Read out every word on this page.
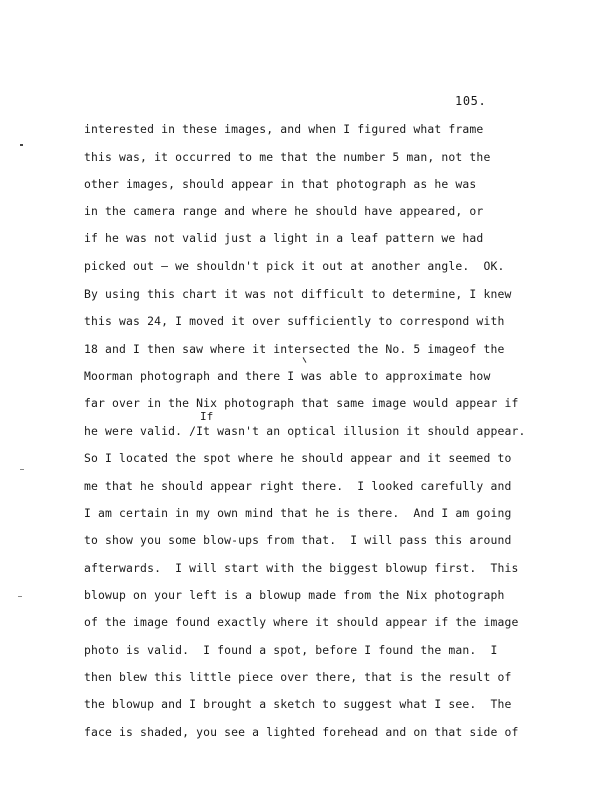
105.
interested in these images, and when I figured what frame
this was, it occurred to me that the number 5 man, not the
other images, should appear in that photograph as he was
in the camera range and where he should have appeared, or
if he was not valid just a light in a leaf pattern we had
picked out — we shouldn't pick it out at another angle.  OK.
By using this chart it was not difficult to determine, I knew
this was 24, I moved it over sufficiently to correspond with
18 and I then saw where it intersected the No. 5 imageof the
Moorman photograph and there I was able to approximate how
far over in the Nix photograph that same image would appear if
If
he were valid. /It wasn't an optical illusion it should appear.
So I located the spot where he should appear and it seemed to
me that he should appear right there.  I looked carefully and
I am certain in my own mind that he is there.  And I am going
to show you some blow-ups from that.  I will pass this around
afterwards.  I will start with the biggest blowup first.  This
blowup on your left is a blowup made from the Nix photograph
of the image found exactly where it should appear if the image
photo is valid.  I found a spot, before I found the man.  I
then blew this little piece over there, that is the result of
the blowup and I brought a sketch to suggest what I see.  The
face is shaded, you see a lighted forehead and on that side of
